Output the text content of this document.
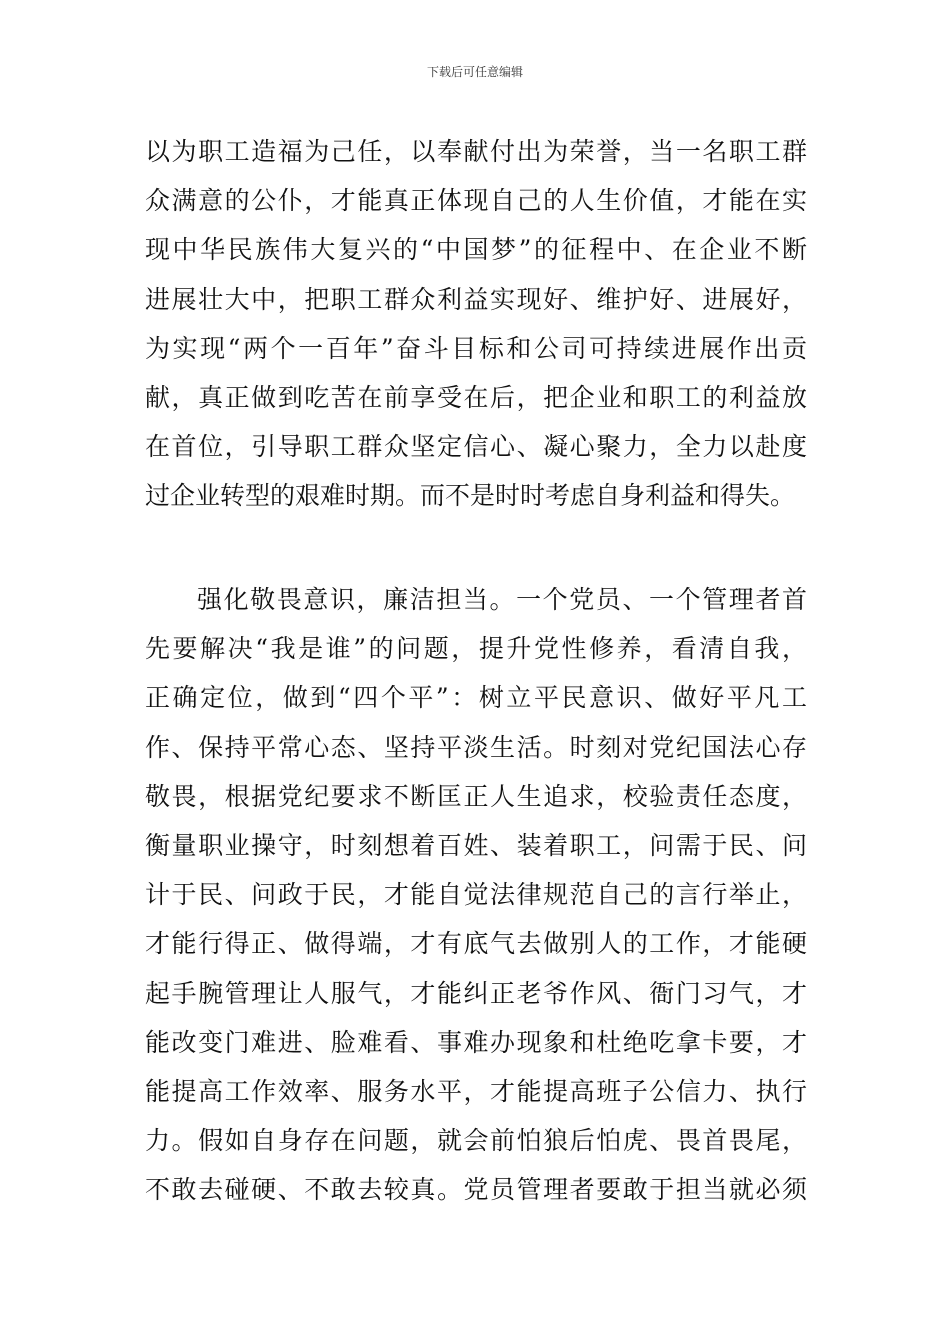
下载后可任意编辑
以为职工造福为己任，以奉献付出为荣誉，当一名职工群
众满意的公仆，才能真正体现自己的人生价值，才能在实
现中华民族伟大复兴的“中国梦”的征程中、在企业不断
进展壮大中，把职工群众利益实现好、维护好、进展好，
为实现“两个一百年”奋斗目标和公司可持续进展作出贡
献，真正做到吃苦在前享受在后，把企业和职工的利益放
在首位，引导职工群众坚定信心、凝心聚力，全力以赴度
过企业转型的艰难时期。而不是时时考虑自身利益和得失。
强化敬畏意识，廉洁担当。一个党员、一个管理者首
先要解决“我是谁”的问题，提升党性修养，看清自我，
正确定位，做到“四个平”：树立平民意识、做好平凡工
作、保持平常心态、坚持平淡生活。时刻对党纪国法心存
敬畏，根据党纪要求不断匡正人生追求，校验责任态度，
衡量职业操守，时刻想着百姓、装着职工，问需于民、问
计于民、问政于民，才能自觉法律规范自己的言行举止，
才能行得正、做得端，才有底气去做别人的工作，才能硬
起手腕管理让人服气，才能纠正老爷作风、衙门习气，才
能改变门难进、脸难看、事难办现象和杜绝吃拿卡要，才
能提高工作效率、服务水平，才能提高班子公信力、执行
力。假如自身存在问题，就会前怕狼后怕虎、畏首畏尾，
不敢去碰硬、不敢去较真。党员管理者要敢于担当就必须
